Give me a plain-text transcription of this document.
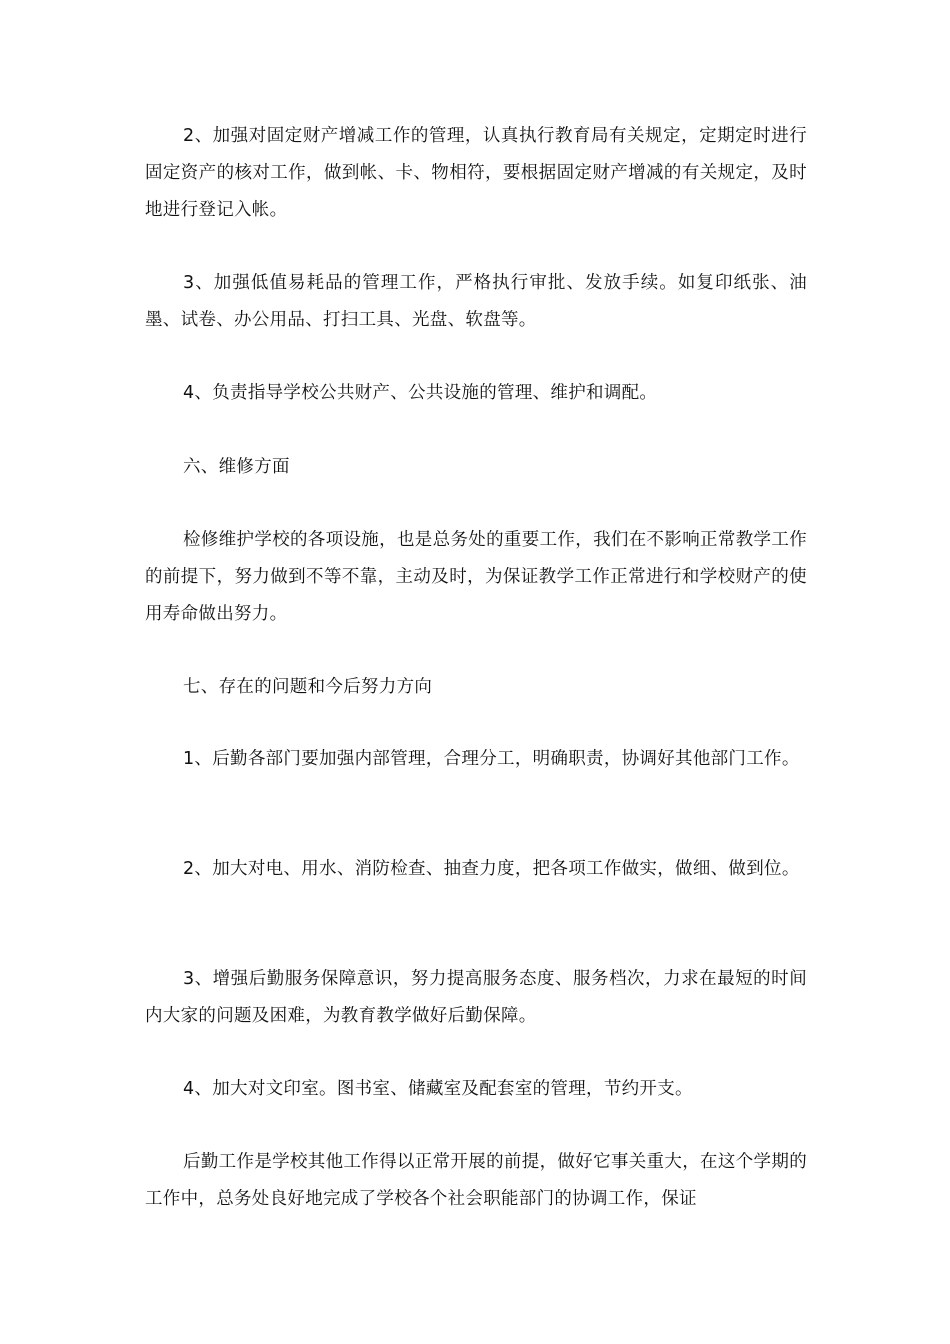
2、加强对固定财产增减工作的管理，认真执行教育局有关规定，定期定时进行固定资产的核对工作，做到帐、卡、物相符，要根据固定财产增减的有关规定，及时地进行登记入帐。

3、加强低值易耗品的管理工作，严格执行审批、发放手续。如复印纸张、油墨、试卷、办公用品、打扫工具、光盘、软盘等。

4、负责指导学校公共财产、公共设施的管理、维护和调配。

六、维修方面

检修维护学校的各项设施，也是总务处的重要工作，我们在不影响正常教学工作的前提下，努力做到不等不靠，主动及时，为保证教学工作正常进行和学校财产的使用寿命做出努力。

七、存在的问题和今后努力方向

1、后勤各部门要加强内部管理，合理分工，明确职责，协调好其他部门工作。

2、加大对电、用水、消防检查、抽查力度，把各项工作做实，做细、做到位。

3、增强后勤服务保障意识，努力提高服务态度、服务档次，力求在最短的时间内大家的问题及困难，为教育教学做好后勤保障。

4、加大对文印室。图书室、储藏室及配套室的管理，节约开支。

后勤工作是学校其他工作得以正常开展的前提，做好它事关重大，在这个学期的工作中，总务处良好地完成了学校各个社会职能部门的协调工作，保证
